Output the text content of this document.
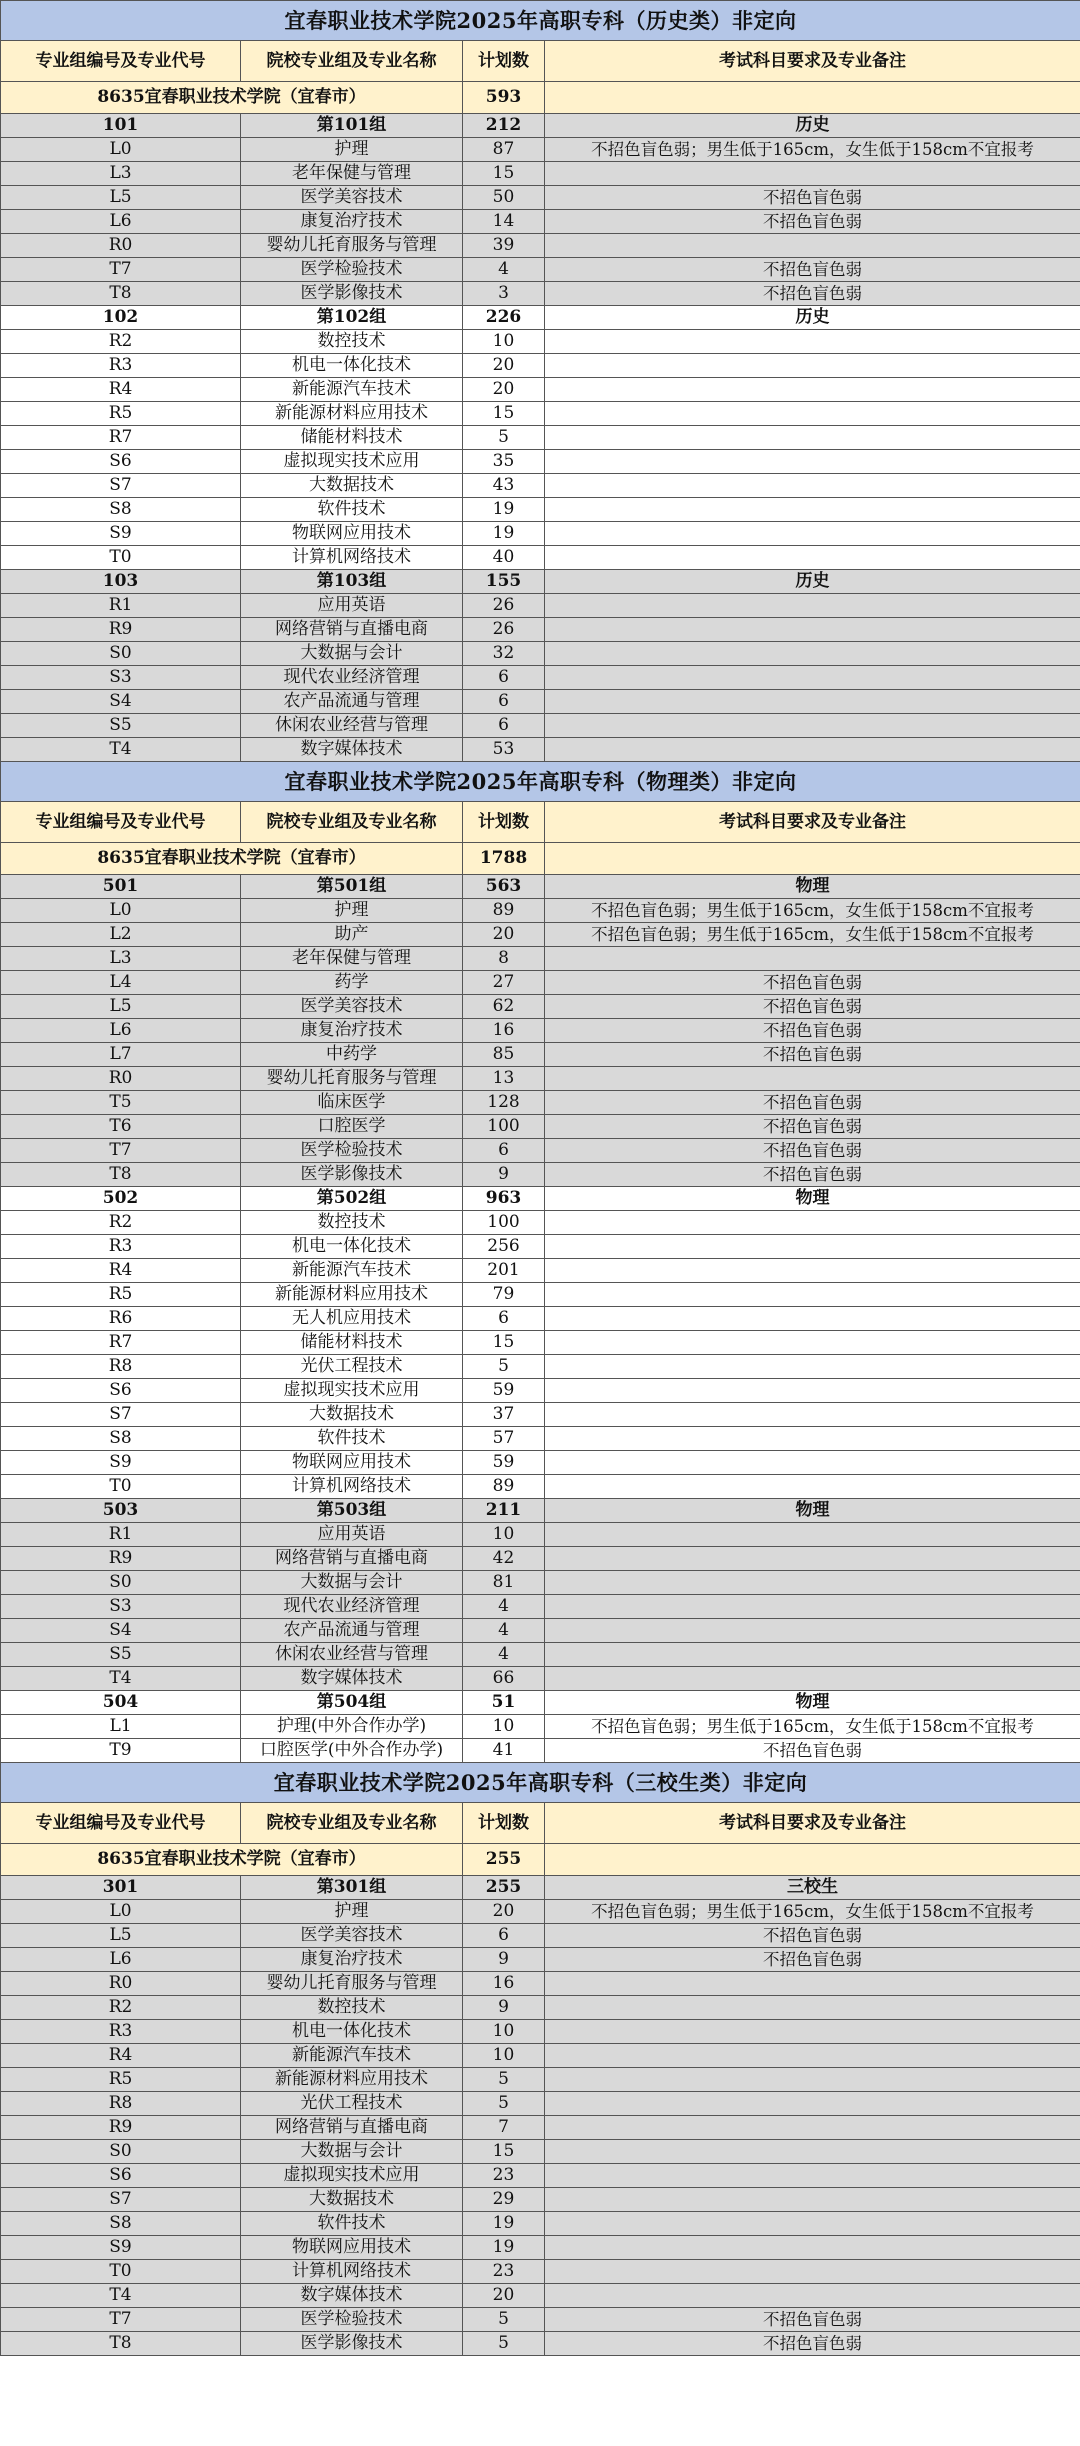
宜春职业技术学院2025年高职专科（历史类）非定向			
专业组编号及专业代号	院校专业组及专业名称	计划数	考试科目要求及专业备注
8635宜春职业技术学院（宜春市）		593	
101	第101组	212	历史
L0	护理	87	不招色盲色弱；男生低于165cm，女生低于158cm不宜报考
L3	老年保健与管理	15	
L5	医学美容技术	50	不招色盲色弱
L6	康复治疗技术	14	不招色盲色弱
R0	婴幼儿托育服务与管理	39	
T7	医学检验技术	4	不招色盲色弱
T8	医学影像技术	3	不招色盲色弱
102	第102组	226	历史
R2	数控技术	10	
R3	机电一体化技术	20	
R4	新能源汽车技术	20	
R5	新能源材料应用技术	15	
R7	储能材料技术	5	
S6	虚拟现实技术应用	35	
S7	大数据技术	43	
S8	软件技术	19	
S9	物联网应用技术	19	
T0	计算机网络技术	40	
103	第103组	155	历史
R1	应用英语	26	
R9	网络营销与直播电商	26	
S0	大数据与会计	32	
S3	现代农业经济管理	6	
S4	农产品流通与管理	6	
S5	休闲农业经营与管理	6	
T4	数字媒体技术	53	
宜春职业技术学院2025年高职专科（物理类）非定向			
专业组编号及专业代号	院校专业组及专业名称	计划数	考试科目要求及专业备注
8635宜春职业技术学院（宜春市）		1788	
501	第501组	563	物理
L0	护理	89	不招色盲色弱；男生低于165cm，女生低于158cm不宜报考
L2	助产	20	不招色盲色弱；男生低于165cm，女生低于158cm不宜报考
L3	老年保健与管理	8	
L4	药学	27	不招色盲色弱
L5	医学美容技术	62	不招色盲色弱
L6	康复治疗技术	16	不招色盲色弱
L7	中药学	85	不招色盲色弱
R0	婴幼儿托育服务与管理	13	
T5	临床医学	128	不招色盲色弱
T6	口腔医学	100	不招色盲色弱
T7	医学检验技术	6	不招色盲色弱
T8	医学影像技术	9	不招色盲色弱
502	第502组	963	物理
R2	数控技术	100	
R3	机电一体化技术	256	
R4	新能源汽车技术	201	
R5	新能源材料应用技术	79	
R6	无人机应用技术	6	
R7	储能材料技术	15	
R8	光伏工程技术	5	
S6	虚拟现实技术应用	59	
S7	大数据技术	37	
S8	软件技术	57	
S9	物联网应用技术	59	
T0	计算机网络技术	89	
503	第503组	211	物理
R1	应用英语	10	
R9	网络营销与直播电商	42	
S0	大数据与会计	81	
S3	现代农业经济管理	4	
S4	农产品流通与管理	4	
S5	休闲农业经营与管理	4	
T4	数字媒体技术	66	
504	第504组	51	物理
L1	护理(中外合作办学)	10	不招色盲色弱；男生低于165cm，女生低于158cm不宜报考
T9	口腔医学(中外合作办学)	41	不招色盲色弱
宜春职业技术学院2025年高职专科（三校生类）非定向			
专业组编号及专业代号	院校专业组及专业名称	计划数	考试科目要求及专业备注
8635宜春职业技术学院（宜春市）		255	
301	第301组	255	三校生
L0	护理	20	不招色盲色弱；男生低于165cm，女生低于158cm不宜报考
L5	医学美容技术	6	不招色盲色弱
L6	康复治疗技术	9	不招色盲色弱
R0	婴幼儿托育服务与管理	16	
R2	数控技术	9	
R3	机电一体化技术	10	
R4	新能源汽车技术	10	
R5	新能源材料应用技术	5	
R8	光伏工程技术	5	
R9	网络营销与直播电商	7	
S0	大数据与会计	15	
S6	虚拟现实技术应用	23	
S7	大数据技术	29	
S8	软件技术	19	
S9	物联网应用技术	19	
T0	计算机网络技术	23	
T4	数字媒体技术	20	
T7	医学检验技术	5	不招色盲色弱
T8	医学影像技术	5	不招色盲色弱
